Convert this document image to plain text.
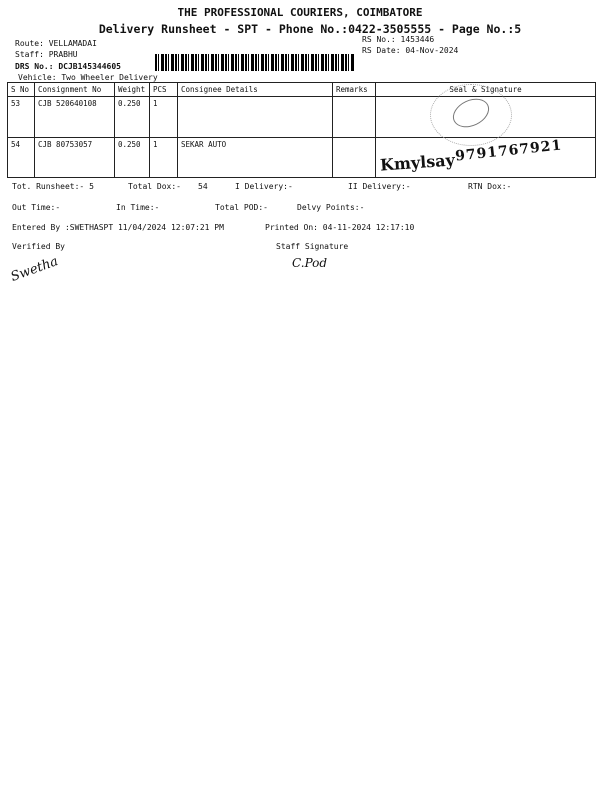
THE PROFESSIONAL COURIERS, COIMBATORE
Delivery Runsheet - SPT - Phone No.:0422-3505555 - Page No.:5
Route: VELLAMADAI
Staff: PRABHU
DRS No.: DCJB145344605
Vehicle: Two Wheeler Delivery
RS No.: 1453446
RS Date: 04-Nov-2024
S No	Consignment No	Weight	PCS	Consignee Details	Remarks	Seal & Signature
53	CJB 520640108	0.250	1			
54	CJB 80753057	0.250	1	SEKAR AUTO		
Kmylsay
9791767921
Tot. Runsheet:- 5	Total Dox:- 54	I Delivery:-	II Delivery:-	RTN Dox:-
Out Time:-	In Time:-	Total POD:-	Delvy Points:-
Entered By :SWETHASPT 11/04/2024 12:07:21 PM	Printed On: 04-11-2024 12:17:10
Verified By	Staff Signature
Swetha	C.Pod
